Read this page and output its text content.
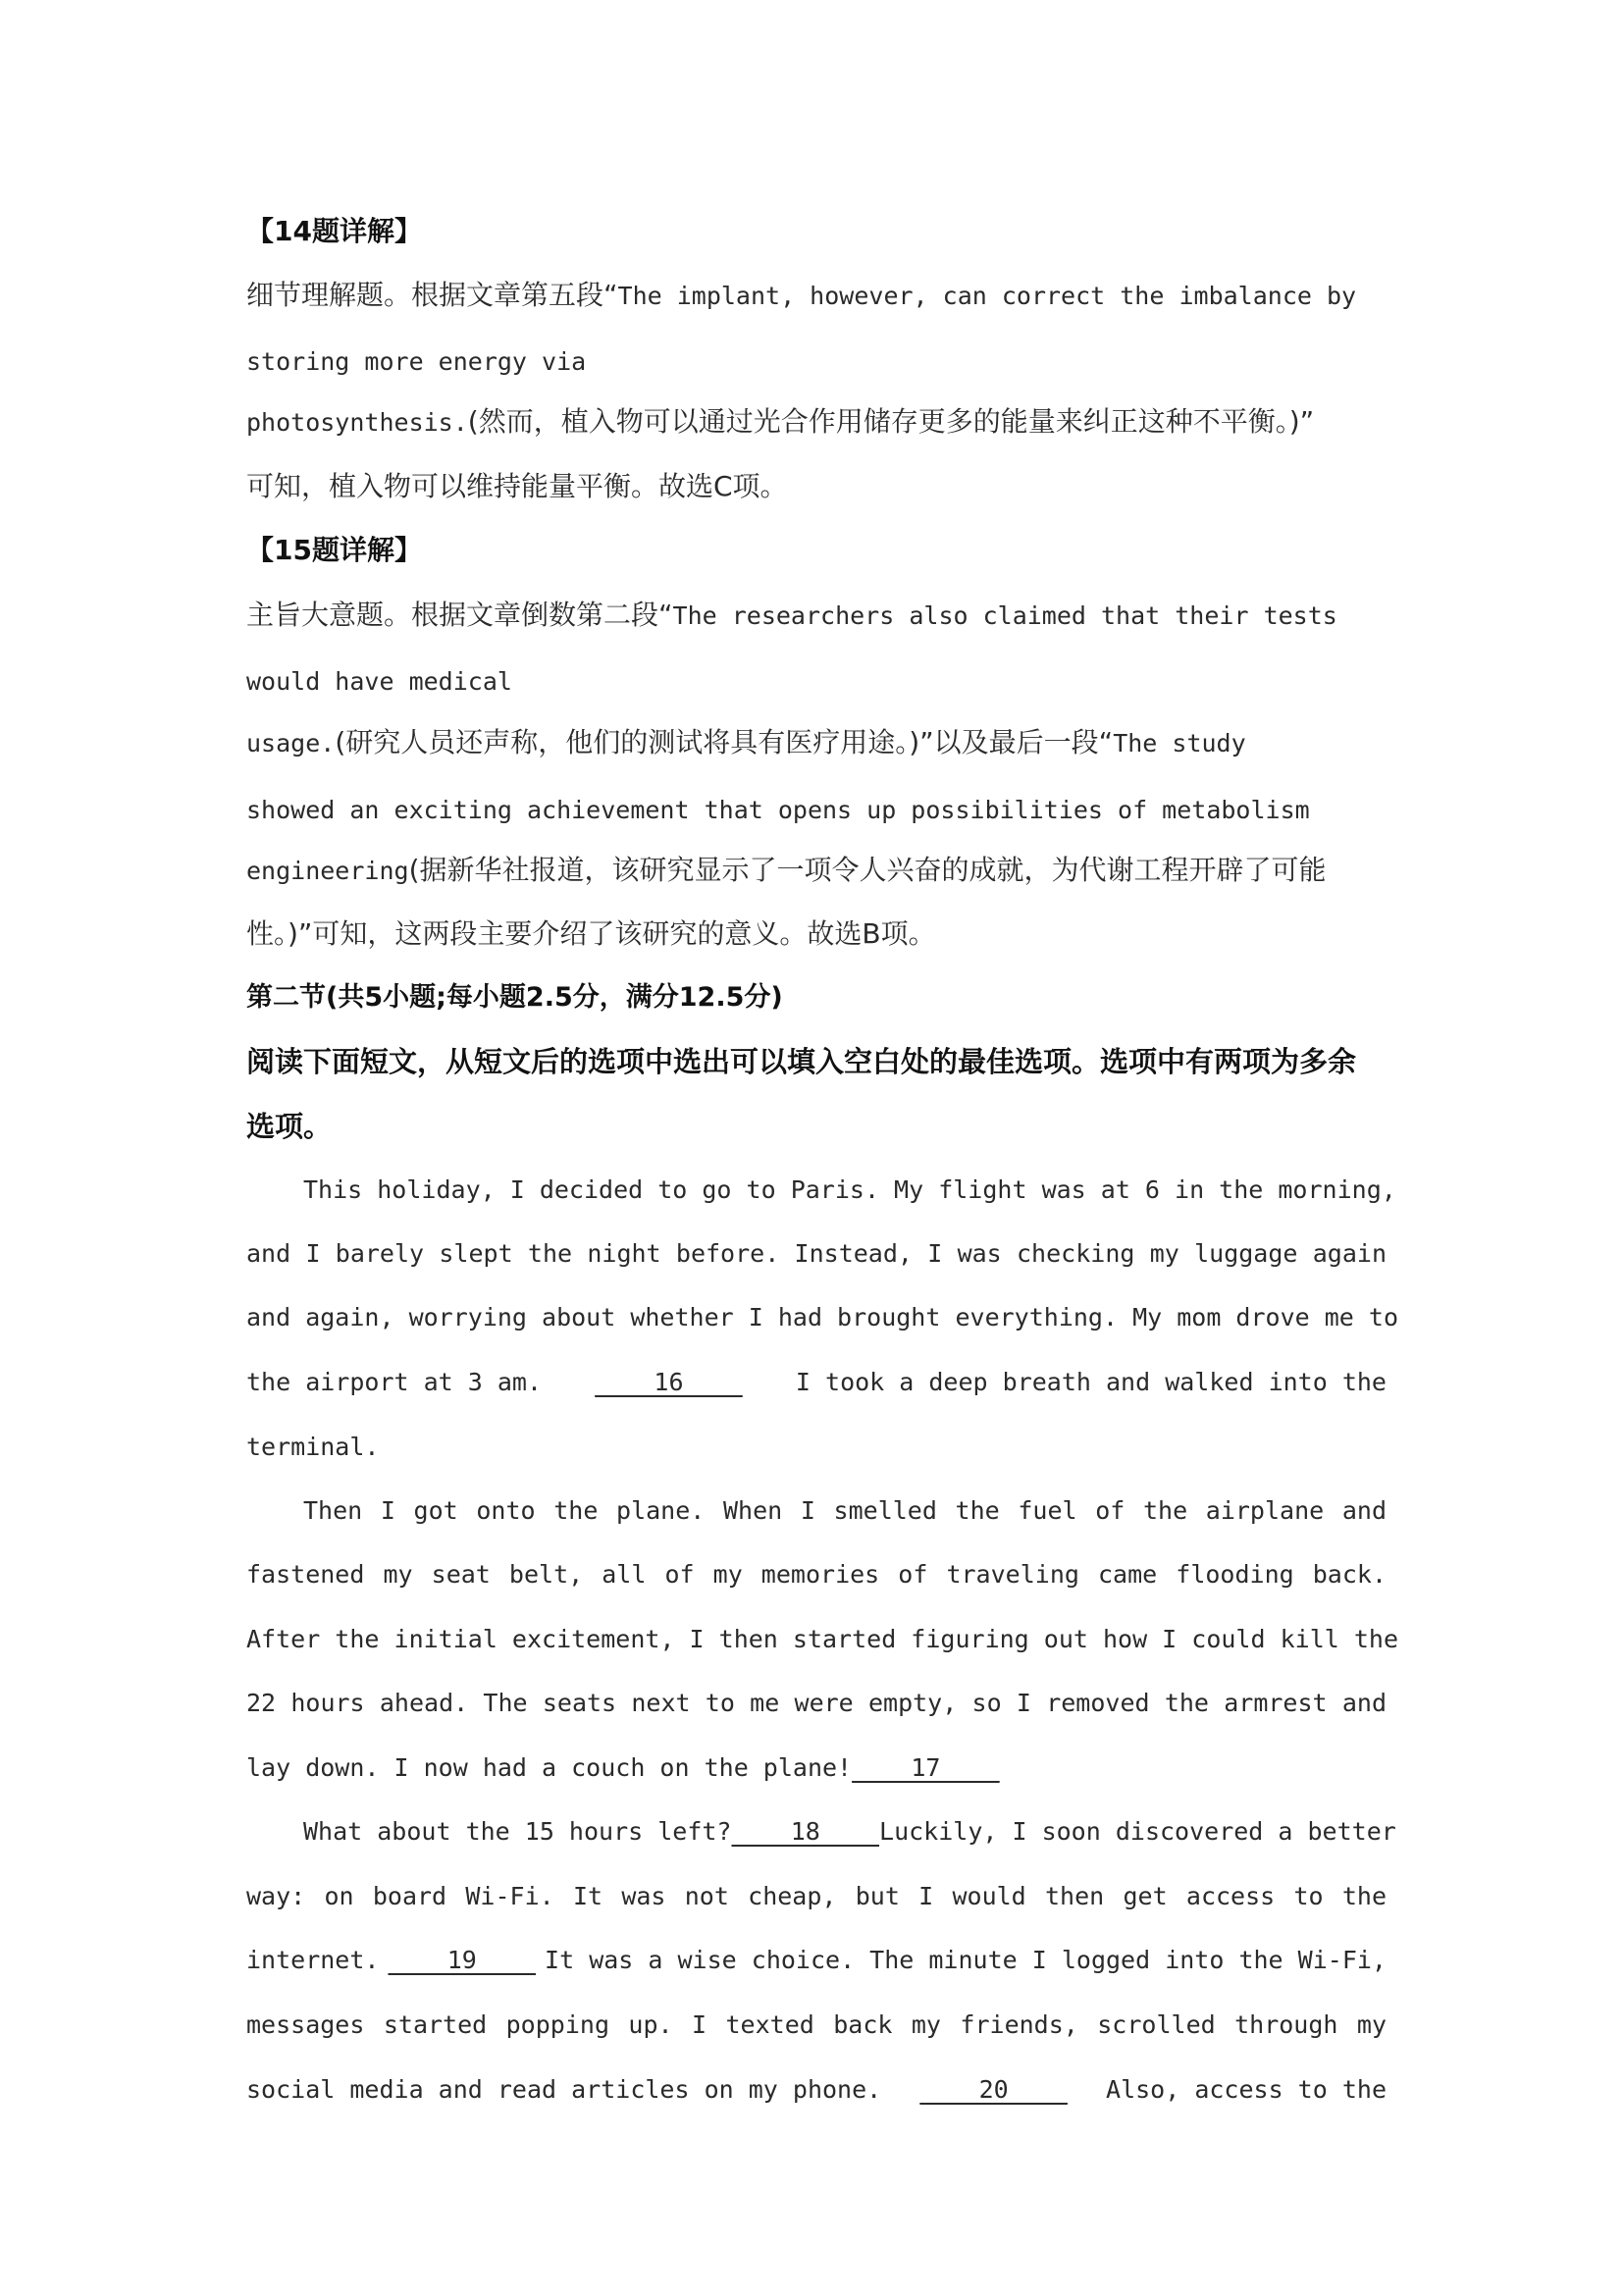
【14题详解】
细节理解题。根据文章第五段“The implant, however, can correct the imbalance by
storing more energy via
photosynthesis.(然而，植入物可以通过光合作用储存更多的能量来纠正这种不平衡。)”
可知，植入物可以维持能量平衡。故选C项。
【15题详解】
主旨大意题。根据文章倒数第二段“The researchers also claimed that their tests
would have medical
usage.(研究人员还声称，他们的测试将具有医疗用途。)”以及最后一段“The study
showed an exciting achievement that opens up possibilities of metabolism
engineering(据新华社报道，该研究显示了一项令人兴奋的成就，为代谢工程开辟了可能
性。)”可知，这两段主要介绍了该研究的意义。故选B项。
第二节(共5小题;每小题2.5分，满分12.5分)
阅读下面短文，从短文后的选项中选出可以填入空白处的最佳选项。选项中有两项为多余
选项。
This holiday, I decided to go to Paris. My flight was at 6 in the morning,
and I barely slept the night before. Instead, I was checking my luggage again
and again, worrying about whether I had brought everything. My mom drove me to
the airport at 3 am. ____16____ I took a deep breath and walked into the
terminal.
Then I got onto the plane. When I smelled the fuel of the airplane and
fastened my seat belt, all of my memories of traveling came flooding back.
After the initial excitement, I then started figuring out how I could kill the
22 hours ahead. The seats next to me were empty, so I removed the armrest and
lay down. I now had a couch on the plane!____17____
What about the 15 hours left? ____18____ Luckily, I soon discovered a better
way: on board Wi-Fi. It was not cheap, but I would then get access to the
internet. ____19____ It was a wise choice. The minute I logged into the Wi-Fi,
messages started popping up. I texted back my friends, scrolled through my
social media and read articles on my phone. ____20____ Also, access to the
